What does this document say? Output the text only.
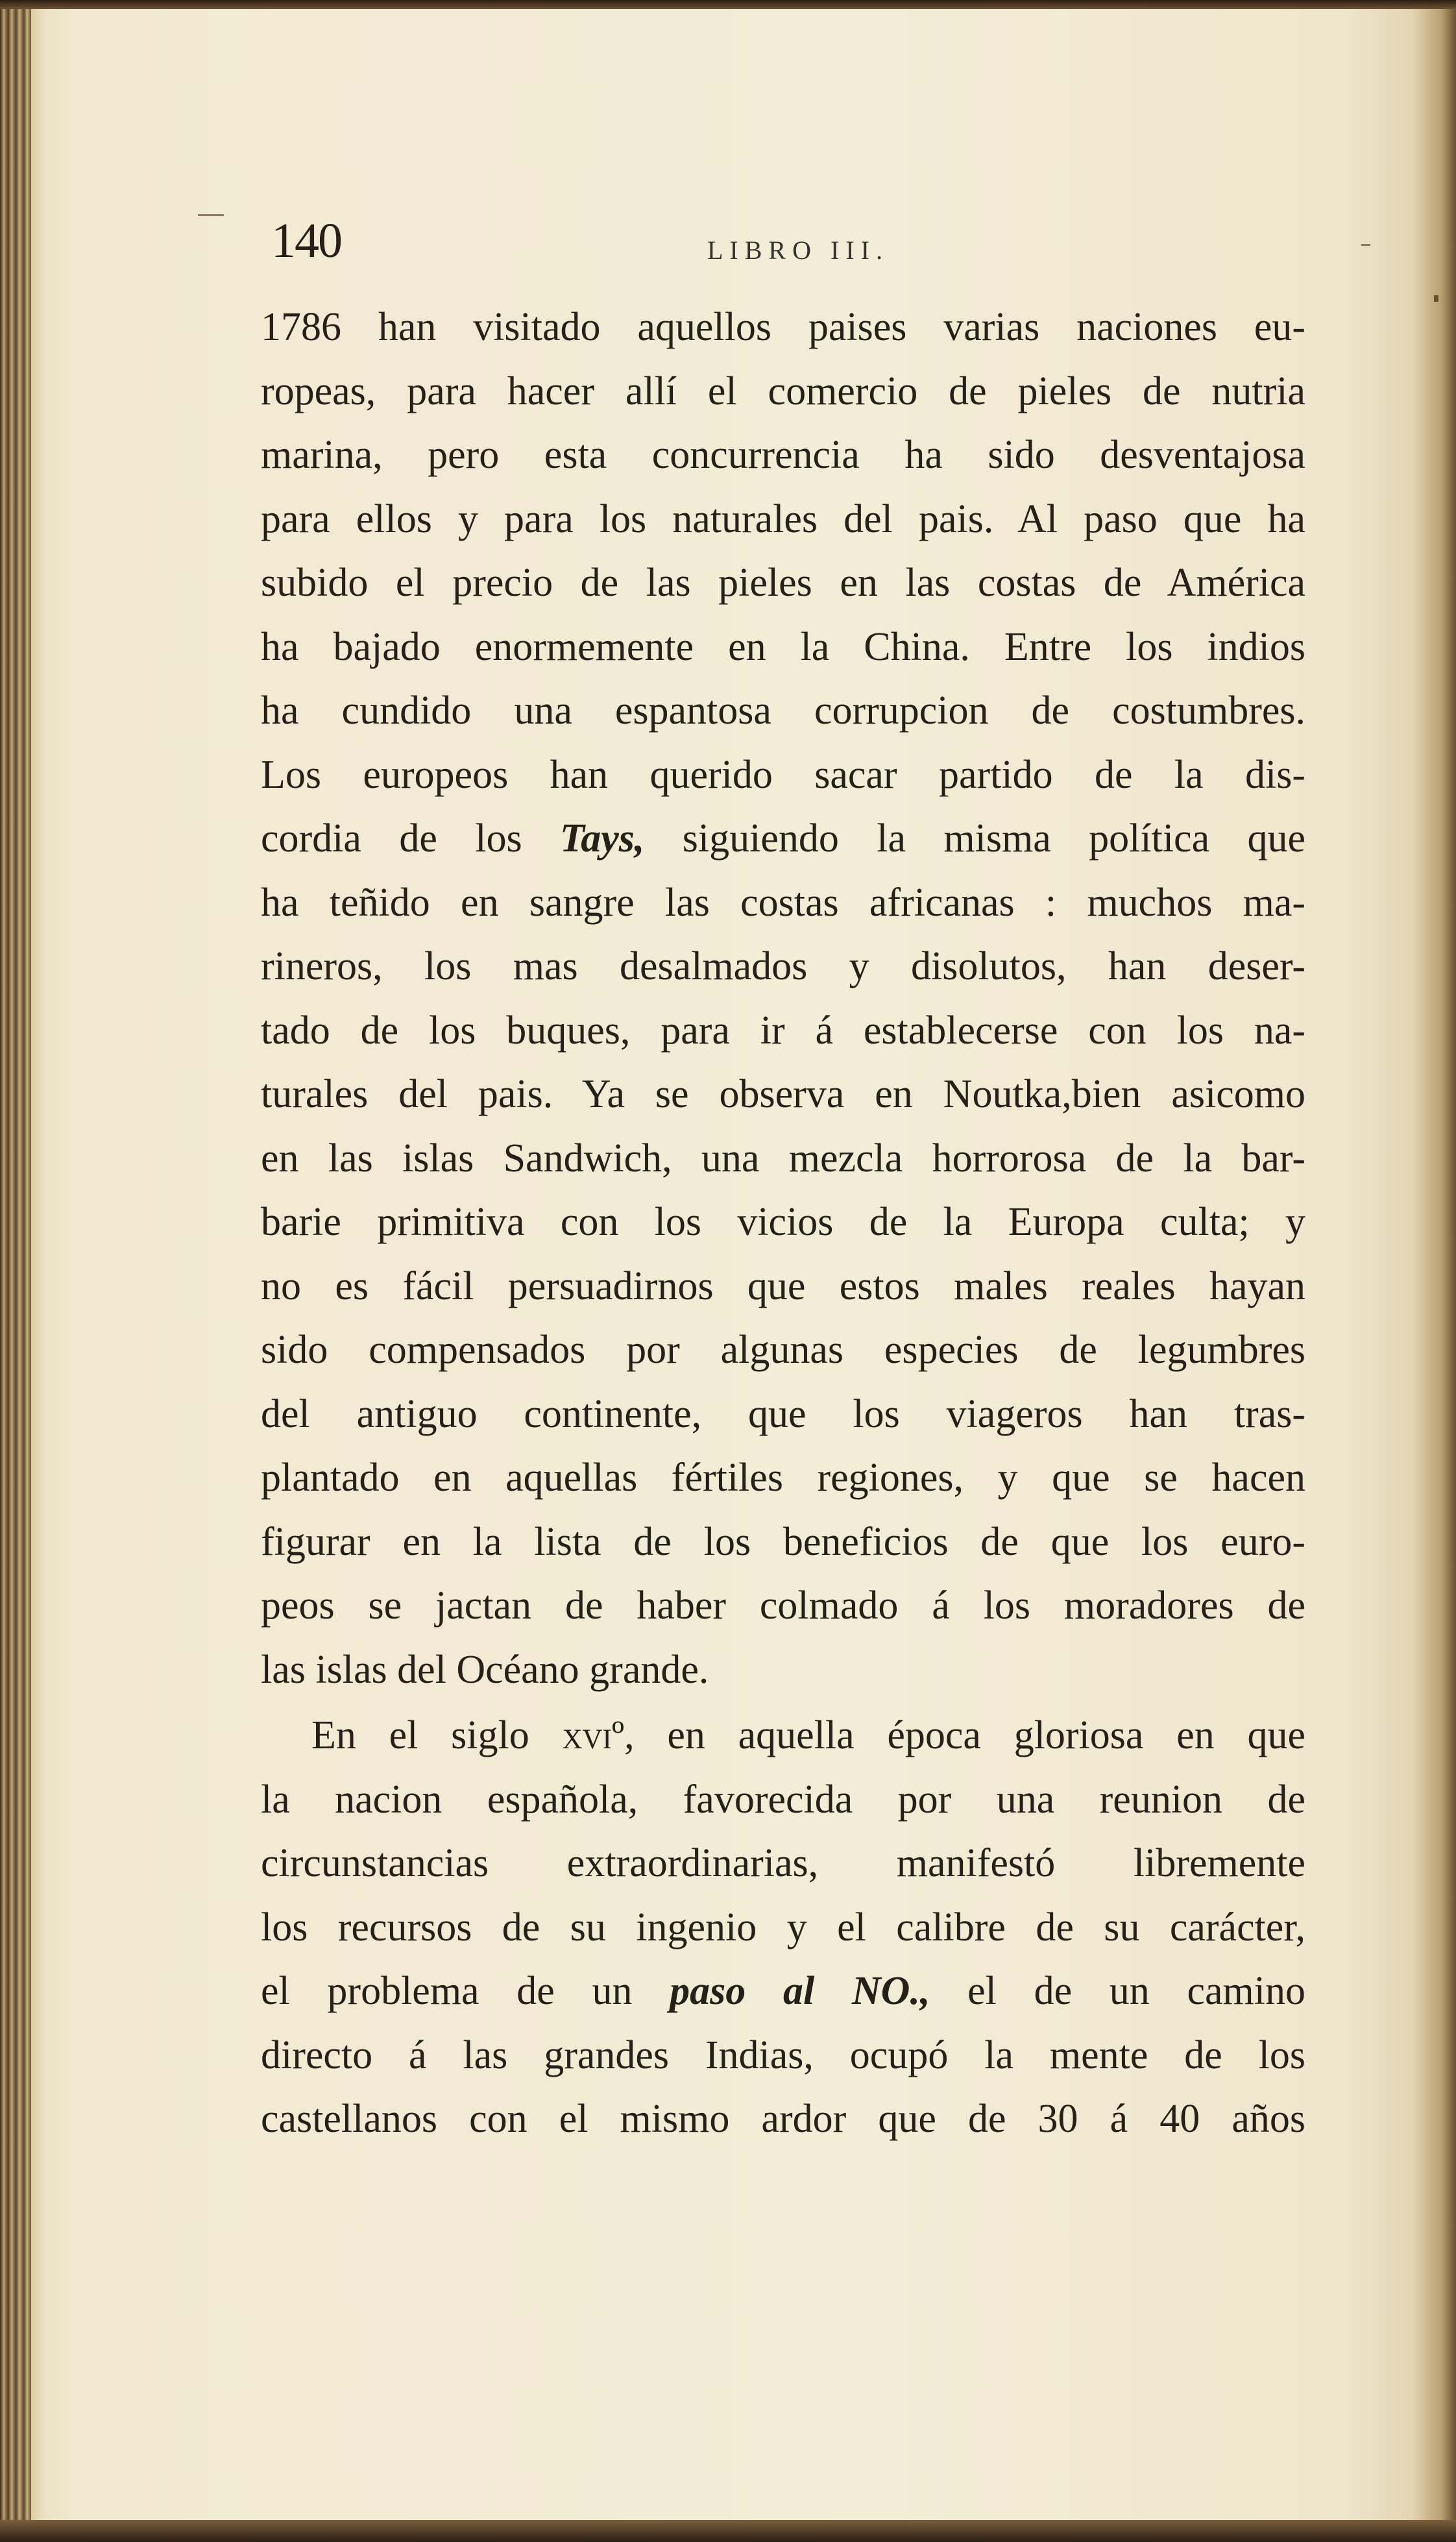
140	LIBRO III.
1786 han visitado aquellos paises varias naciones eu-
ropeas, para hacer allí el comercio de pieles de nutria
marina, pero esta concurrencia ha sido desventajosa
para ellos y para los naturales del pais. Al paso que ha
subido el precio de las pieles en las costas de América
ha bajado enormemente en la China. Entre los indios
ha cundido una espantosa corrupcion de costumbres.
Los europeos han querido sacar partido de la dis-
cordia de los Tays, siguiendo la misma política que
ha teñido en sangre las costas africanas : muchos ma-
rineros, los mas desalmados y disolutos, han deser-
tado de los buques, para ir á establecerse con los na-
turales del pais. Ya se observa en Noutka,bien asicomo
en las islas Sandwich, una mezcla horrorosa de la bar-
barie primitiva con los vicios de la Europa culta; y
no es fácil persuadirnos que estos males reales hayan
sido compensados por algunas especies de legumbres
del antiguo continente, que los viageros han tras-
plantado en aquellas fértiles regiones, y que se hacen
figurar en la lista de los beneficios de que los euro-
peos se jactan de haber colmado á los moradores de
las islas del Océano grande.
En el siglo xviº, en aquella época gloriosa en que
la nacion española, favorecida por una reunion de
circunstancias extraordinarias, manifestó libremente
los recursos de su ingenio y el calibre de su carácter,
el problema de un paso al NO., el de un camino
directo á las grandes Indias, ocupó la mente de los
castellanos con el mismo ardor que de 30 á 40 años
